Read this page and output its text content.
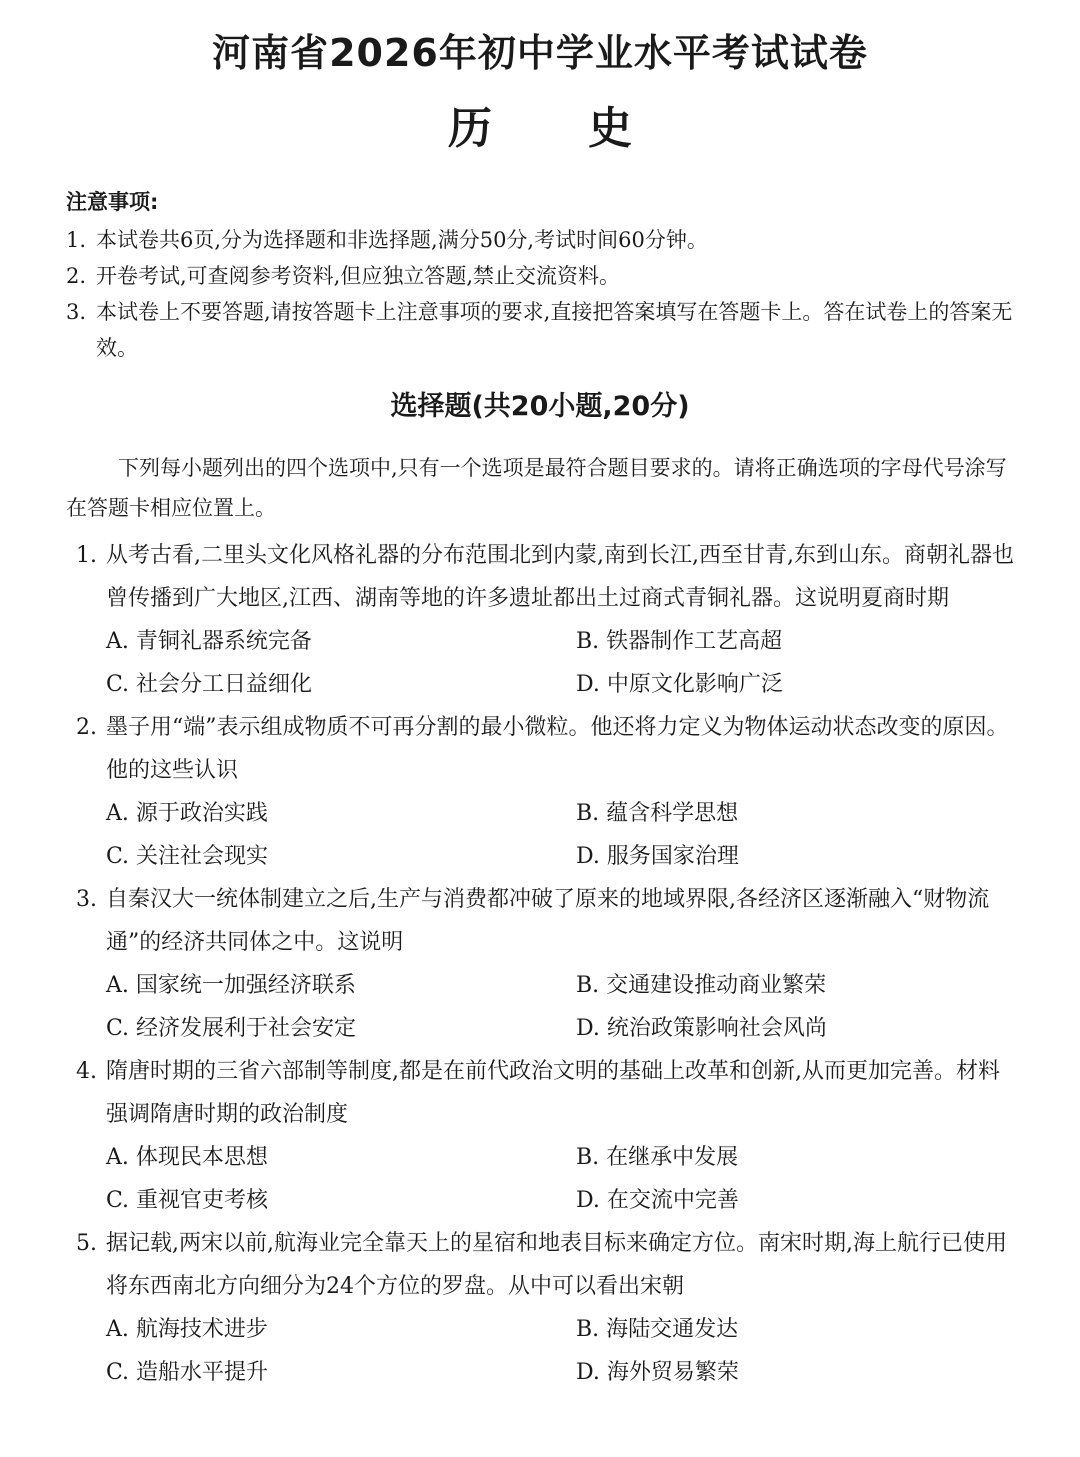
河南省2026年初中学业水平考试试卷
历史
注意事项:
1. 本试卷共6页,分为选择题和非选择题,满分50分,考试时间60分钟。
2. 开卷考试,可查阅参考资料,但应独立答题,禁止交流资料。
3. 本试卷上不要答题,请按答题卡上注意事项的要求,直接把答案填写在答题卡上。答在试卷上的答案无效。
选择题(共20小题,20分)
下列每小题列出的四个选项中,只有一个选项是最符合题目要求的。请将正确选项的字母代号涂写在答题卡相应位置上。
1. 从考古看,二里头文化风格礼器的分布范围北到内蒙,南到长江,西至甘青,东到山东。商朝礼器也曾传播到广大地区,江西、湖南等地的许多遗址都出土过商式青铜礼器。这说明夏商时期
A. 青铜礼器系统完备	B. 铁器制作工艺高超
C. 社会分工日益细化	D. 中原文化影响广泛
2. 墨子用“端”表示组成物质不可再分割的最小微粒。他还将力定义为物体运动状态改变的原因。他的这些认识
A. 源于政治实践	B. 蕴含科学思想
C. 关注社会现实	D. 服务国家治理
3. 自秦汉大一统体制建立之后,生产与消费都冲破了原来的地域界限,各经济区逐渐融入“财物流通”的经济共同体之中。这说明
A. 国家统一加强经济联系	B. 交通建设推动商业繁荣
C. 经济发展利于社会安定	D. 统治政策影响社会风尚
4. 隋唐时期的三省六部制等制度,都是在前代政治文明的基础上改革和创新,从而更加完善。材料强调隋唐时期的政治制度
A. 体现民本思想	B. 在继承中发展
C. 重视官吏考核	D. 在交流中完善
5. 据记载,两宋以前,航海业完全靠天上的星宿和地表目标来确定方位。南宋时期,海上航行已使用将东西南北方向细分为24个方位的罗盘。从中可以看出宋朝
A. 航海技术进步	B. 海陆交通发达
C. 造船水平提升	D. 海外贸易繁荣
